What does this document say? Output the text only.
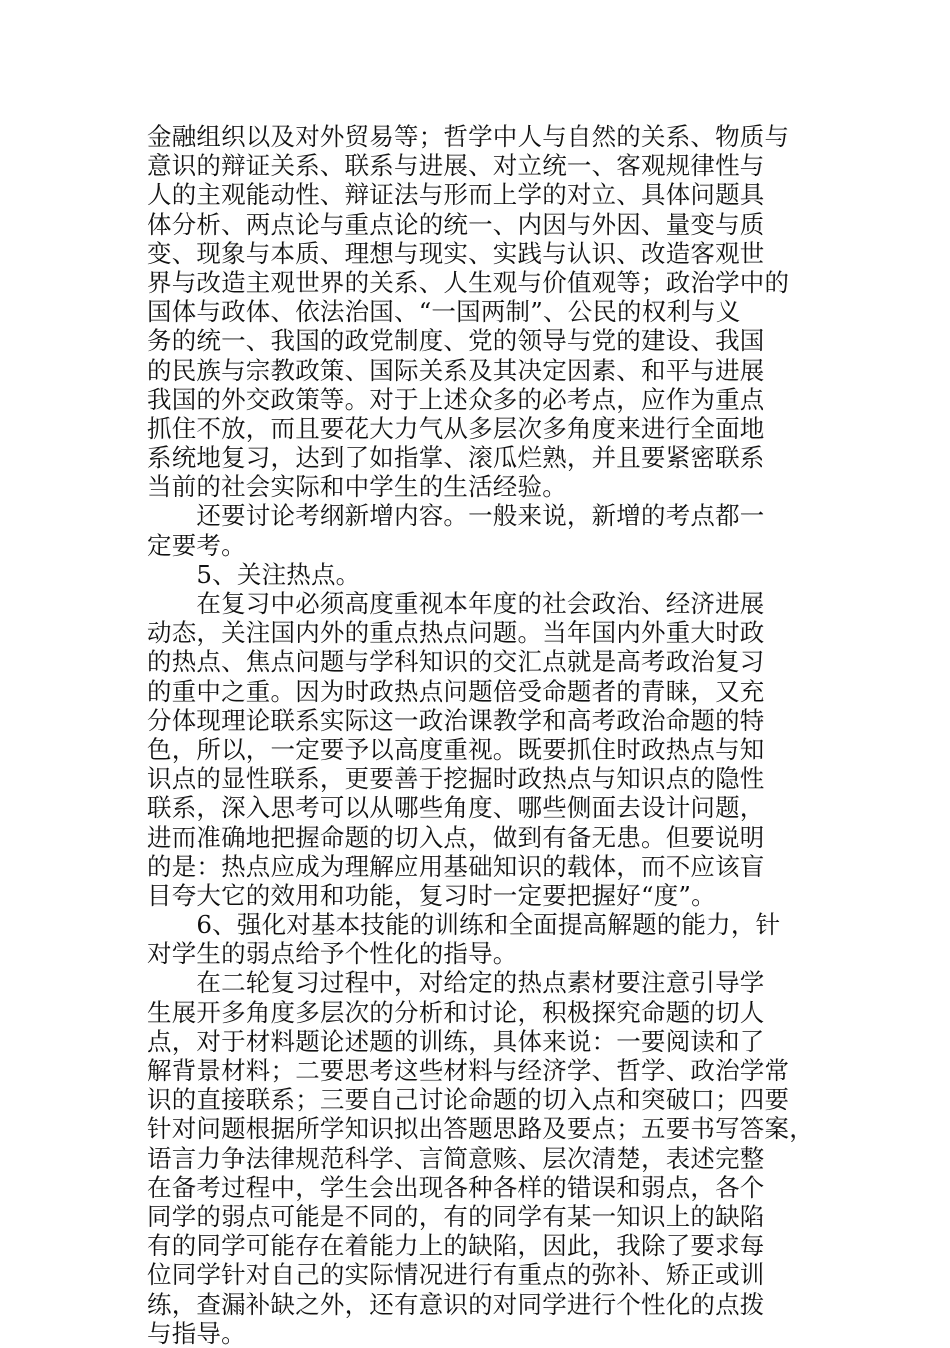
金融组织以及对外贸易等；哲学中人与自然的关系、物质与
意识的辩证关系、联系与进展、对立统一、客观规律性与
人的主观能动性、辩证法与形而上学的对立、具体问题具
体分析、两点论与重点论的统一、内因与外因、量变与质
变、现象与本质、理想与现实、实践与认识、改造客观世
界与改造主观世界的关系、人生观与价值观等；政治学中的
国体与政体、依法治国、“一国两制”、公民的权利与义
务的统一、我国的政党制度、党的领导与党的建设、我国
的民族与宗教政策、国际关系及其决定因素、和平与进展
我国的外交政策等。对于上述众多的必考点，应作为重点
抓住不放，而且要花大力气从多层次多角度来进行全面地
系统地复习，达到了如指掌、滚瓜烂熟，并且要紧密联系
当前的社会实际和中学生的生活经验。
　　还要讨论考纲新增内容。一般来说，新增的考点都一
定要考。
　　5、关注热点。
　　在复习中必须高度重视本年度的社会政治、经济进展
动态，关注国内外的重点热点问题。当年国内外重大时政
的热点、焦点问题与学科知识的交汇点就是高考政治复习
的重中之重。因为时政热点问题倍受命题者的青睐，又充
分体现理论联系实际这一政治课教学和高考政治命题的特
色，所以，一定要予以高度重视。既要抓住时政热点与知
识点的显性联系，更要善于挖掘时政热点与知识点的隐性
联系，深入思考可以从哪些角度、哪些侧面去设计问题，
进而准确地把握命题的切入点，做到有备无患。但要说明
的是：热点应成为理解应用基础知识的载体，而不应该盲
目夸大它的效用和功能，复习时一定要把握好“度”。
　　6、强化对基本技能的训练和全面提高解题的能力，针
对学生的弱点给予个性化的指导。
　　在二轮复习过程中，对给定的热点素材要注意引导学
生展开多角度多层次的分析和讨论，积极探究命题的切人
点，对于材料题论述题的训练，具体来说：一要阅读和了
解背景材料；二要思考这些材料与经济学、哲学、政治学常
识的直接联系；三要自己讨论命题的切入点和突破口；四要
针对问题根据所学知识拟出答题思路及要点；五要书写答案，
语言力争法律规范科学、言简意赅、层次清楚，表述完整
在备考过程中，学生会出现各种各样的错误和弱点，各个
同学的弱点可能是不同的，有的同学有某一知识上的缺陷
有的同学可能存在着能力上的缺陷，因此，我除了要求每
位同学针对自己的实际情况进行有重点的弥补、矫正或训
练，查漏补缺之外，还有意识的对同学进行个性化的点拨
与指导。
